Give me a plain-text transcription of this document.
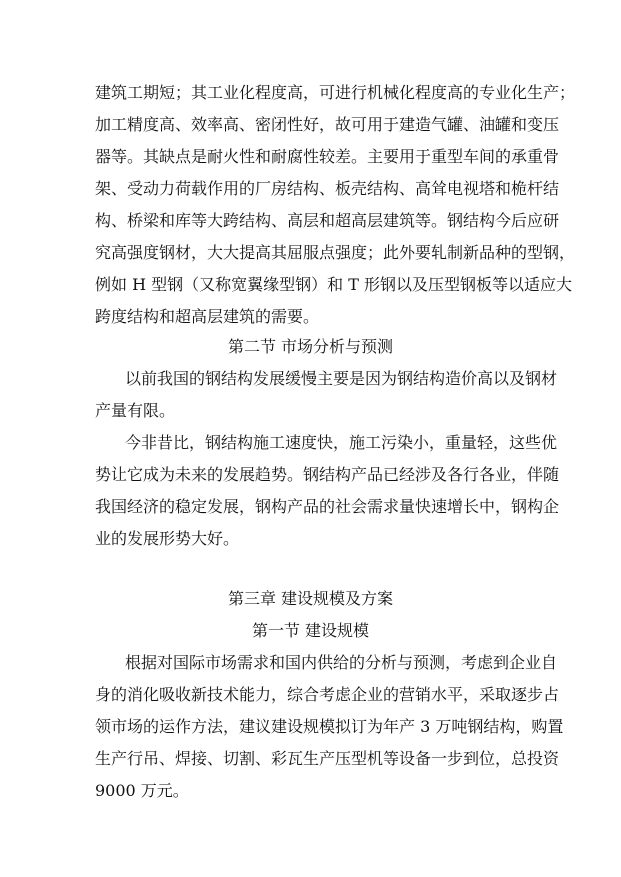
建筑工期短；其工业化程度高，可进行机械化程度高的专业化生产；
加工精度高、效率高、密闭性好，故可用于建造气罐、油罐和变压
器等。其缺点是耐火性和耐腐性较差。主要用于重型车间的承重骨
架、受动力荷载作用的厂房结构、板壳结构、高耸电视塔和桅杆结
构、桥梁和库等大跨结构、高层和超高层建筑等。钢结构今后应研
究高强度钢材，大大提高其屈服点强度；此外要轧制新品种的型钢，
例如 H 型钢（又称宽翼缘型钢）和 T 形钢以及压型钢板等以适应大
跨度结构和超高层建筑的需要。
第二节 市场分析与预测
以前我国的钢结构发展缓慢主要是因为钢结构造价高以及钢材
产量有限。
今非昔比，钢结构施工速度快，施工污染小，重量轻，这些优
势让它成为未来的发展趋势。钢结构产品已经涉及各行各业，伴随
我国经济的稳定发展，钢构产品的社会需求量快速增长中，钢构企
业的发展形势大好。
第三章 建设规模及方案
第一节 建设规模
根据对国际市场需求和国内供给的分析与预测，考虑到企业自
身的消化吸收新技术能力，综合考虑企业的营销水平，采取逐步占
领市场的运作方法，建议建设规模拟订为年产 3 万吨钢结构，购置
生产行吊、焊接、切割、彩瓦生产压型机等设备一步到位，总投资
9000 万元。
